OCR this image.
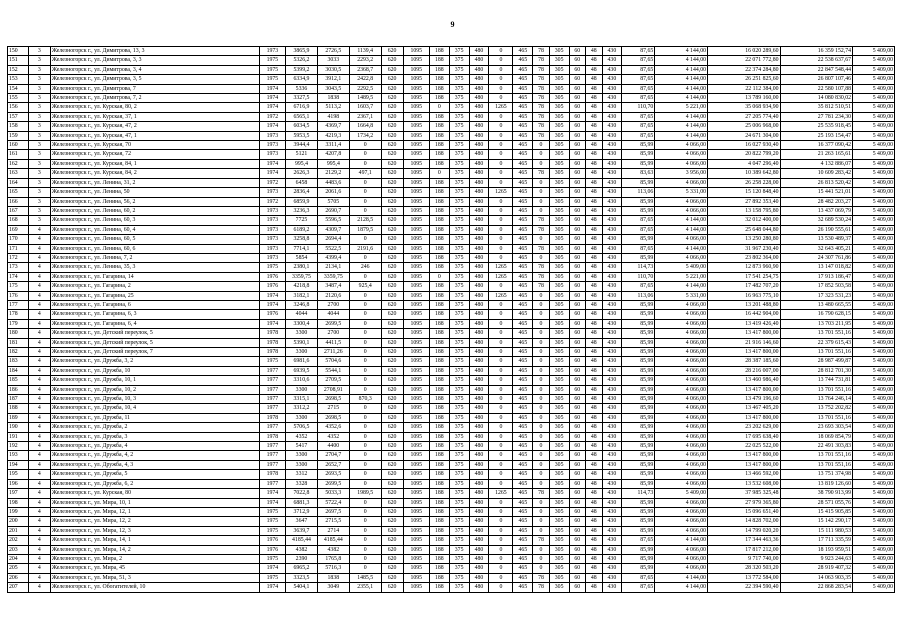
9
150	3	Железногорск г., ул. Димитрова, 13, 3	1973	3865,9	2726,5	1139,4	620	1095	188	375	480	0	465	78	305	60	48	430	87,65	4 144,00	16 020 289,60	16 359 152,74	5 409,00
151	3	Железногорск г., ул. Димитрова, 3, 3	1975	5326,2	3033	2293,2	620	1095	188	375	480	0	465	78	305	60	48	430	87,65	4 144,00	22 071 772,80	22 538 637,67	5 409,00
152	3	Железногорск г., ул. Димитрова, 3, 4	1975	5399,2	3030,5	2368,7	620	1095	188	375	480	0	465	78	305	60	48	430	87,65	4 144,00	22 374 284,80	22 847 548,44	5 409,00
153	3	Железногорск г., ул. Димитрова, 3, 5	1975	6334,9	3912,1	2422,8	620	1095	188	375	480	0	465	78	305	60	48	430	87,65	4 144,00	26 251 825,60	26 807 107,46	5 409,00
154	3	Железногорск г., ул. Димитрова, 7	1974	5336	3043,5	2292,5	620	1095	188	375	480	0	465	78	305	60	48	430	87,65	4 144,00	22 112 384,00	22 580 107,88	5 409,00
155	3	Железногорск г., ул. Димитрова, 7, 2	1974	3327,5	1838	1489,5	620	1095	188	375	480	0	465	78	305	60	48	430	87,65	4 144,00	13 789 160,00	14 080 830,02	5 409,00
156	3	Железногорск г., ул. Курская, 80, 2	1974	6716,9	5113,2	1603,7	620	1095	0	375	480	1265	465	78	305	60	48	430	110,70	5 221,00	35 068 934,90	35 812 510,51	5 409,00
157	3	Железногорск г., ул. Курская, 37, 1	1972	6565,1	4198	2367,1	620	1095	188	375	480	0	465	78	305	60	48	430	87,65	4 144,00	27 205 774,40	27 781 234,30	5 409,00
158	3	Железногорск г., ул. Курская, 47, 2	1974	6034,5	4369,7	1664,8	620	1095	188	375	480	0	465	78	305	60	48	430	87,65	4 144,00	25 006 968,00	25 535 918,45	5 409,00
159	3	Железногорск г., ул. Курская, 47, 1	1973	5953,5	4219,3	1734,2	620	1095	188	375	480	0	465	78	305	60	48	430	87,65	4 144,00	24 671 304,00	25 193 154,47	5 409,00
160	3	Железногорск г., ул. Курская, 70	1973	3944,4	3311,4	0	620	1095	188	375	480	0	465	0	305	60	48	430	85,99	4 066,00	16 027 930,40	16 377 090,42	5 409,00
161	3	Железногорск г., ул. Курская, 72	1973	5121	4207,8	0	620	1095	188	375	480	0	465	0	305	60	48	430	85,99	4 066,00	20 822 799,20	21 263 165,61	5 409,00
162	3	Железногорск г., ул. Курская, 84, 1	1974	995,4	995,4	0	620	1095	188	375	480	0	465	0	305	60	48	430	85,99	4 066,00	4 047 296,40	4 132 886,07	5 409,00
163	3	Железногорск г., ул. Курская, 84, 2	1974	2626,3	2129,2	497,1	620	1095	0	375	480	0	465	78	305	60	48	430	83,63	3 956,00	10 389 642,80	10 609 283,42	5 409,00
164	3	Железногорск г., ул. Ленина, 31, 2	1972	6458	4483,6	0	620	1095	188	375	480	0	465	0	305	60	48	430	85,99	4 066,00	26 258 228,00	26 813 520,42	5 409,00
165	3	Железногорск г., ул. Ленина, 50	1973	2836,4	2061,6	0	620	1095	188	375	480	1265	465	0	305	60	48	430	113,06	5 331,00	15 120 848,40	15 441 521,01	5 409,00
166	3	Железногорск г., ул. Ленина, 56, 2	1972	6859,9	5705	0	620	1095	188	375	480	0	465	0	305	60	48	430	85,99	4 066,00	27 892 353,40	28 482 203,27	5 409,00
167	3	Железногорск г., ул. Ленина, 60, 2	1973	3236,3	2690,7	0	620	1095	188	375	480	0	465	0	305	60	48	430	85,99	4 066,00	13 158 795,80	13 437 069,79	5 409,00
168	3	Железногорск г., ул. Ленина, 60, 3	1973	7725	5596,5	2128,5	620	1095	188	375	480	0	465	78	305	60	48	430	87,65	4 144,00	32 012 400,00	32 689 530,24	5 409,00
169	4	Железногорск г., ул. Ленина, 60, 4	1973	6189,2	4309,7	1879,5	620	1095	188	375	480	0	465	78	305	60	48	430	87,65	4 144,00	25 648 044,80	26 190 555,61	5 409,00
170	4	Железногорск г., ул. Ленина, 60, 5	1973	3258,8	2694,4	0	620	1095	188	375	480	0	465	0	305	60	48	430	85,99	4 066,00	13 250 280,80	13 530 489,37	5 409,00
171	4	Железногорск г., ул. Ленина, 60, 6	1973	7714,1	5522,5	2191,6	620	1095	188	375	480	0	465	78	305	60	48	430	87,65	4 144,00	31 967 230,40	32 643 405,21	5 409,00
172	4	Железногорск г., ул. Ленина, 7, 2	1973	5854	4399,4	0	620	1095	188	375	480	0	465	0	305	60	48	430	85,99	4 066,00	23 802 364,00	24 307 761,86	5 409,00
173	4	Железногорск г., ул. Ленина, 35, 3	1975	2380,1	2134,1	246	620	1095	188	375	480	1265	465	78	305	60	48	430	114,73	5 409,00	12 873 960,90	13 147 018,82	5 409,00
174	4	Железногорск г., ул. Гагарина, 14	1976	3359,75	3359,75	0	620	1095	0	375	480	1265	465	78	305	60	48	430	110,70	5 221,00	17 541 254,75	17 913 186,47	5 409,00
175	4	Железногорск г., ул. Гагарина, 2	1976	4218,8	3487,4	925,4	620	1095	188	375	480	0	465	78	305	60	48	430	87,65	4 144,00	17 482 707,20	17 852 503,58	5 409,00
176	4	Железногорск г., ул. Гагарина, 25	1974	3182,1	2120,6	0	620	1095	188	375	480	1265	465	0	305	60	48	430	113,06	5 331,00	16 963 775,10	17 323 531,23	5 409,00
177	4	Железногорск г., ул. Гагарина, 6	1974	3246,8	2700	0	620	1095	188	375	480	0	465	0	305	60	48	430	85,99	4 066,00	13 201 488,80	13 480 665,55	5 409,00
178	4	Железногорск г., ул. Гагарина, 6, 3	1976	4044	4044	0	620	1095	188	375	480	0	465	0	305	60	48	430	85,99	4 066,00	16 442 904,00	16 790 628,15	5 409,00
179	4	Железногорск г., ул. Гагарина, 6, 4	1974	3300,4	2699,5	0	620	1095	188	375	480	0	465	0	305	60	48	430	85,99	4 066,00	13 419 426,40	13 703 211,95	5 409,00
180	4	Железногорск г., ул. Детский переулок, 5	1978	3300	2700	0	620	1095	188	375	480	0	465	0	305	60	48	430	85,99	4 066,00	13 417 800,00	13 701 551,16	5 409,00
181	4	Железногорск г., ул. Детский переулок, 5	1978	5390,1	4411,5	0	620	1095	188	375	480	0	465	0	305	60	48	430	85,99	4 066,00	21 916 146,60	22 379 615,43	5 409,00
182	4	Железногорск г., ул. Детский переулок, 7	1978	3300	2711,26	0	620	1095	188	375	480	0	465	0	305	60	48	430	85,99	4 066,00	13 417 800,00	13 701 551,16	5 409,00
183	4	Железногорск г., ул. Дружба, 3, 2	1975	6981,6	5704,6	0	620	1095	188	375	480	0	465	0	305	60	48	430	85,99	4 066,00	28 387 185,60	28 987 499,87	5 409,00
184	4	Железногорск г., ул. Дружба, 10	1977	6939,5	5544,1	0	620	1095	188	375	480	0	465	0	305	60	48	430	85,99	4 066,00	28 216 007,00	28 812 701,30	5 409,00
185	4	Железногорск г., ул. Дружба, 10, 1	1977	3310,6	2709,5	0	620	1095	188	375	480	0	465	0	305	60	48	430	85,99	4 066,00	13 460 986,40	13 744 731,81	5 409,00
186	4	Железногорск г., ул. Дружба, 10, 2	1977	3300	2708,91	0	620	1095	188	375	480	0	465	0	305	60	48	430	85,99	4 066,00	13 417 800,00	13 701 551,16	5 409,00
187	4	Железногорск г., ул. Дружба, 10, 3	1977	3315,1	2698,5	870,3	620	1095	188	375	480	0	465	0	305	60	48	430	85,99	4 066,00	13 479 196,60	13 764 246,14	5 409,00
188	4	Железногорск г., ул. Дружба, 10, 4	1977	3312,2	2715	0	620	1095	188	375	480	0	465	0	305	60	48	430	85,99	4 066,00	13 467 405,20	13 752 202,82	5 409,00
189	4	Железногорск г., ул. Дружба, 11	1978	3300	2698,5	0	620	1095	188	375	480	0	465	0	305	60	48	430	85,99	4 066,00	13 417 800,00	13 701 551,16	5 409,00
190	4	Железногорск г., ул. Дружба, 2	1977	5706,5	4352,6	0	620	1095	188	375	480	0	465	0	305	60	48	430	85,99	4 066,00	23 202 629,00	23 693 303,54	5 409,00
191	4	Железногорск г., ул. Дружба, 3	1978	4352	4352	0	620	1095	188	375	480	0	465	0	305	60	48	430	85,99	4 066,00	17 695 638,40	18 069 854,79	5 409,00
192	4	Железногорск г., ул. Дружба, 4	1977	5417	4400	0	620	1095	188	375	480	0	465	0	305	60	48	430	85,99	4 066,00	22 025 522,00	22 491 303,83	5 409,00
193	4	Железногорск г., ул. Дружба, 4, 2	1977	3300	2704,7	0	620	1095	188	375	480	0	465	0	305	60	48	430	85,99	4 066,00	13 417 800,00	13 701 551,16	5 409,00
194	4	Железногорск г., ул. Дружба, 4, 3	1977	3300	2652,7	0	620	1095	188	375	480	0	465	0	305	60	48	430	85,99	4 066,00	13 417 800,00	13 701 551,16	5 409,00
195	4	Железногорск г., ул. Дружба, 5	1978	3312	2693,5	0	620	1095	188	375	480	0	465	0	305	60	48	430	85,99	4 066,00	13 466 592,00	13 751 374,98	5 409,00
196	4	Железногорск г., ул. Дружба, 6, 2	1977	3328	2699,5	0	620	1095	188	375	480	0	465	0	305	60	48	430	85,99	4 066,00	13 532 608,00	13 819 126,60	5 409,00
197	4	Железногорск г., ул. Курская, 80	1974	7022,8	5033,3	1989,5	620	1095	188	375	480	1265	465	78	305	60	48	430	114,73	5 409,00	37 985 325,48	38 790 913,99	5 409,00
198	4	Железногорск г., ул. Мира, 10, 1	1974	6881,3	5722,4	0	620	1095	188	375	480	0	465	0	305	60	48	430	85,99	4 066,00	27 979 365,80	28 571 055,76	5 409,00
199	4	Железногорск г., ул. Мира, 12, 1	1975	3712,9	2697,5	0	620	1095	188	375	480	0	465	0	305	60	48	430	85,99	4 066,00	15 096 651,40	15 415 905,85	5 409,00
200	4	Железногорск г., ул. Мира, 12, 2	1975	3647	2715,5	0	620	1095	188	375	480	0	465	0	305	60	48	430	85,99	4 066,00	14 828 702,00	15 142 290,17	5 409,00
201	4	Железногорск г., ул. Мира, 12, 3	1975	3639,7	2714	0	620	1095	188	375	480	0	465	0	305	60	48	430	85,99	4 066,00	14 799 020,20	15 111 980,53	5 409,00
202	4	Железногорск г., ул. Мира, 14, 1	1976	4185,44	4185,44	0	620	1095	188	375	480	0	465	78	305	60	48	430	87,65	4 144,00	17 344 463,36	17 711 335,59	5 409,00
203	4	Железногорск г., ул. Мира, 14, 2	1976	4382	4382	0	620	1095	188	375	480	0	465	0	305	60	48	430	85,99	4 066,00	17 817 212,00	18 193 959,51	5 409,00
204	4	Железногорск г., ул. Мира, 2	1975	2390	1765,8	0	620	1095	188	375	480	0	465	0	305	60	48	430	85,99	4 066,00	9 717 740,00	9 923 244,63	5 409,00
205	4	Железногорск г., ул. Мира, 45	1974	6965,2	5716,3	0	620	1095	188	375	480	0	465	0	305	60	48	430	85,99	4 066,00	28 320 503,20	28 919 407,32	5 409,00
206	4	Железногорск г., ул. Мира, 51, 3	1975	3323,5	1838	1485,5	620	1095	188	375	480	0	465	78	305	60	48	430	87,65	4 144,00	13 772 584,00	14 063 903,35	5 409,00
207	4	Железногорск г., ул. Обогатителей, 10	1974	5404,1	3049	2355,1	620	1095	188	375	480	0	465	78	305	60	48	430	87,65	4 144,00	22 394 590,40	22 868 283,54	5 409,00
